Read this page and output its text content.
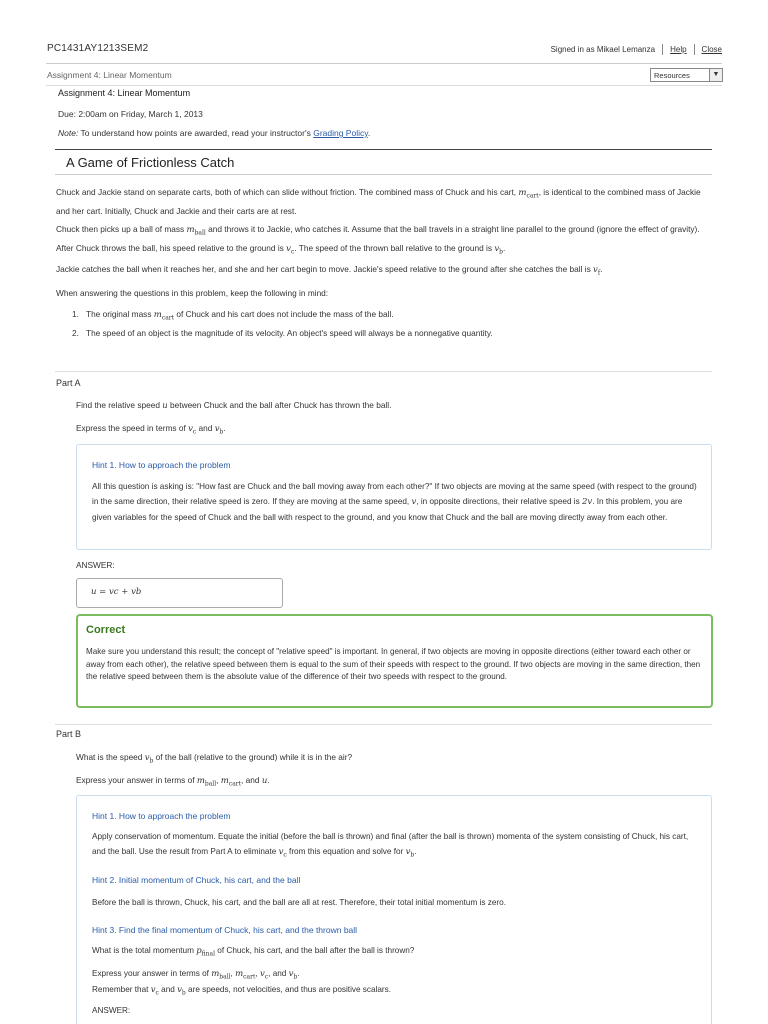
PC1431AY1213SEM2	Signed in as Mikael Lemanza Help Close
Assignment 4: Linear Momentum	Resources	▼
Assignment 4: Linear Momentum
Due: 2:00am on Friday, March 1, 2013
Note: To understand how points are awarded, read your instructor's Grading Policy.
A Game of Frictionless Catch
Chuck and Jackie stand on separate carts, both of which can slide without friction. The combined mass of Chuck and his cart, $m_{cart}$, is identical to the combined mass of Jackie and her cart. Initially, Chuck and Jackie and their carts are at rest.
Chuck then picks up a ball of mass $m_{ball}$ and throws it to Jackie, who catches it. Assume that the ball travels in a straight line parallel to the ground (ignore the effect of gravity). After Chuck throws the ball, his speed relative to the ground is $v_c$. The speed of the thrown ball relative to the ground is $v_b$.
Jackie catches the ball when it reaches her, and she and her cart begin to move. Jackie's speed relative to the ground after she catches the ball is $v_f$.
When answering the questions in this problem, keep the following in mind:
1. The original mass $m_{cart}$ of Chuck and his cart does not include the mass of the ball.
2. The speed of an object is the magnitude of its velocity. An object's speed will always be a nonnegative quantity.
Part A
Find the relative speed u between Chuck and the ball after Chuck has thrown the ball.
Express the speed in terms of $v_c$ and $v_b$.
Hint 1. How to approach the problem
All this question is asking is: "How fast are Chuck and the ball moving away from each other?" If two objects are moving at the same speed (with respect to the ground) in the same direction, their relative speed is zero. If they are moving at the same speed, v, in opposite directions, their relative speed is 2v. In this problem, you are given variables for the speed of Chuck and the ball with respect to the ground, and you know that Chuck and the ball are moving directly away from each other.
ANSWER:
u = vc + vb
Correct
Make sure you understand this result; the concept of "relative speed" is important. In general, if two objects are moving in opposite directions (either toward each other or away from each other), the relative speed between them is equal to the sum of their speeds with respect to the ground. If two objects are moving in the same direction, then the relative speed between them is the absolute value of the difference of their two speeds with respect to the ground.
Part B
What is the speed $v_b$ of the ball (relative to the ground) while it is in the air?
Express your answer in terms of $m_{ball}$, $m_{cart}$, and u.
Hint 1. How to approach the problem
Apply conservation of momentum. Equate the initial (before the ball is thrown) and final (after the ball is thrown) momenta of the system consisting of Chuck, his cart, and the ball. Use the result from Part A to eliminate $v_c$ from this equation and solve for $v_b$.
Hint 2. Initial momentum of Chuck, his cart, and the ball
Before the ball is thrown, Chuck, his cart, and the ball are all at rest. Therefore, their total initial momentum is zero.
Hint 3. Find the final momentum of Chuck, his cart, and the thrown ball
What is the total momentum $p_{final}$ of Chuck, his cart, and the ball after the ball is thrown?
Express your answer in terms of $m_{ball}$, $m_{cart}$, $v_c$, and $v_b$.
Remember that $v_c$ and $v_b$ are speeds, not velocities, and thus are positive scalars.
ANSWER:
